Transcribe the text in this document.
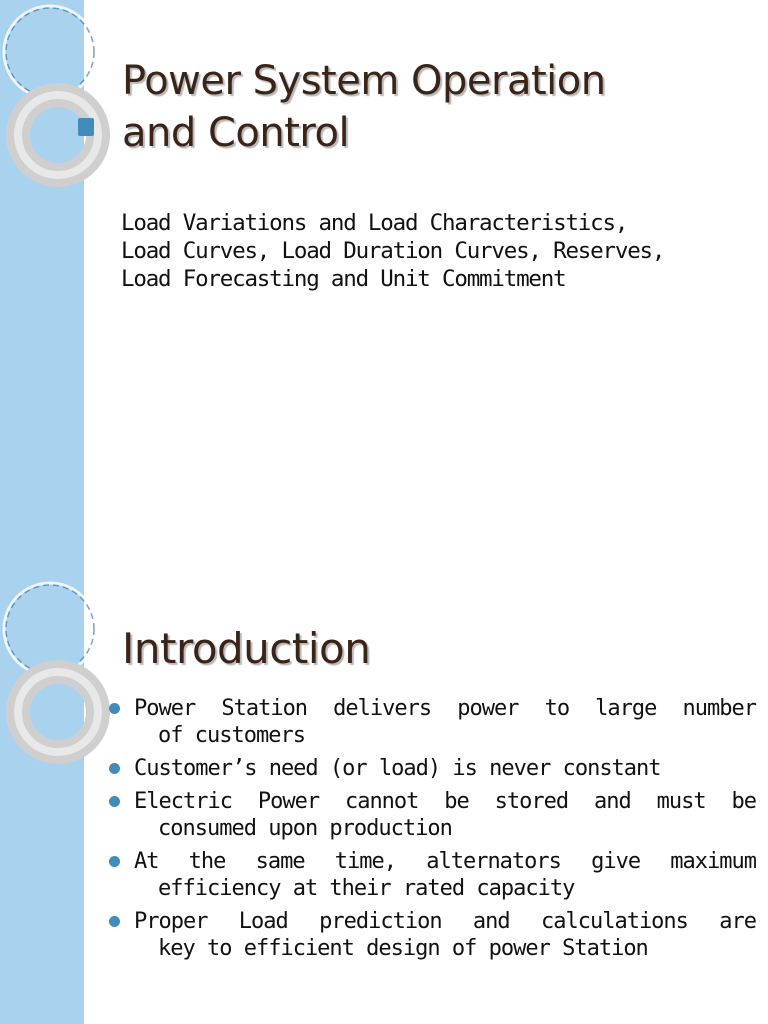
Power System Operation
and Control
Load Variations and Load Characteristics,
Load Curves, Load Duration Curves, Reserves,
Load Forecasting and Unit Commitment
Introduction
Power Station delivers power to large number
of customers
Customer’s need (or load) is never constant
Electric Power cannot be stored and must be
consumed upon production
At the same time, alternators give maximum
efficiency at their rated capacity
Proper Load prediction and calculations are
key to efficient design of power Station
